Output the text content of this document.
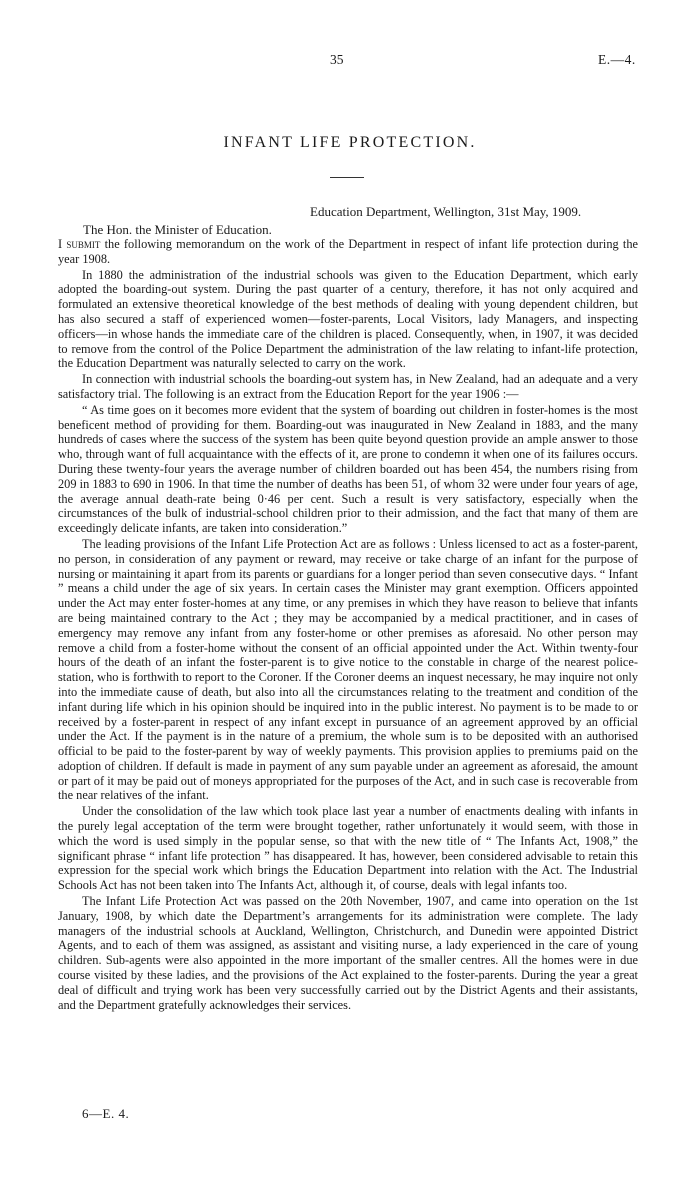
35	E.—4.
INFANT LIFE PROTECTION.
Education Department, Wellington, 31st May, 1909.
The Hon. the Minister of Education.

I submit the following memorandum on the work of the Department in respect of infant life protection during the year 1908.

In 1880 the administration of the industrial schools was given to the Education Department, which early adopted the boarding-out system. During the past quarter of a century, therefore, it has not only acquired and formulated an extensive theoretical knowledge of the best methods of dealing with young dependent children, but has also secured a staff of experienced women—foster-parents, Local Visitors, lady Managers, and inspecting officers—in whose hands the immediate care of the children is placed. Consequently, when, in 1907, it was decided to remove from the control of the Police Department the administration of the law relating to infant-life protection, the Education Department was naturally selected to carry on the work.

In connection with industrial schools the boarding-out system has, in New Zealand, had an adequate and a very satisfactory trial. The following is an extract from the Education Report for the year 1906 :—

“ As time goes on it becomes more evident that the system of boarding out children in foster-homes is the most beneficent method of providing for them. Boarding-out was inaugurated in New Zealand in 1883, and the many hundreds of cases where the success of the system has been quite beyond question provide an ample answer to those who, through want of full acquaintance with the effects of it, are prone to condemn it when one of its failures occurs. During these twenty-four years the average number of children boarded out has been 454, the numbers rising from 209 in 1883 to 690 in 1906. In that time the number of deaths has been 51, of whom 32 were under four years of age, the average annual death-rate being 0·46 per cent. Such a result is very satisfactory, especially when the circumstances of the bulk of industrial-school children prior to their admission, and the fact that many of them are exceedingly delicate infants, are taken into consideration.”

The leading provisions of the Infant Life Protection Act are as follows : Unless licensed to act as a foster-parent, no person, in consideration of any payment or reward, may receive or take charge of an infant for the purpose of nursing or maintaining it apart from its parents or guardians for a longer period than seven consecutive days. “ Infant ” means a child under the age of six years. In certain cases the Minister may grant exemption. Officers appointed under the Act may enter foster-homes at any time, or any premises in which they have reason to believe that infants are being maintained contrary to the Act ; they may be accompanied by a medical practitioner, and in cases of emergency may remove any infant from any foster-home or other premises as aforesaid. No other person may remove a child from a foster-home without the consent of an official appointed under the Act. Within twenty-four hours of the death of an infant the foster-parent is to give notice to the constable in charge of the nearest police-station, who is forthwith to report to the Coroner. If the Coroner deems an inquest necessary, he may inquire not only into the immediate cause of death, but also into all the circumstances relating to the treatment and condition of the infant during life which in his opinion should be inquired into in the public interest. No payment is to be made to or received by a foster-parent in respect of any infant except in pursuance of an agreement approved by an official under the Act. If the payment is in the nature of a premium, the whole sum is to be deposited with an authorised official to be paid to the foster-parent by way of weekly payments. This provision applies to premiums paid on the adoption of children. If default is made in payment of any sum payable under an agreement as aforesaid, the amount or part of it may be paid out of moneys appropriated for the purposes of the Act, and in such case is recoverable from the near relatives of the infant.

Under the consolidation of the law which took place last year a number of enactments dealing with infants in the purely legal acceptation of the term were brought together, rather unfortunately it would seem, with those in which the word is used simply in the popular sense, so that with the new title of “ The Infants Act, 1908,” the significant phrase “ infant life protection ” has disappeared. It has, however, been considered advisable to retain this expression for the special work which brings the Education Department into relation with the Act. The Industrial Schools Act has not been taken into The Infants Act, although it, of course, deals with legal infants too.

The Infant Life Protection Act was passed on the 20th November, 1907, and came into operation on the 1st January, 1908, by which date the Department’s arrangements for its administration were complete. The lady managers of the industrial schools at Auckland, Wellington, Christchurch, and Dunedin were appointed District Agents, and to each of them was assigned, as assistant and visiting nurse, a lady experienced in the care of young children. Sub-agents were also appointed in the more important of the smaller centres. All the homes were in due course visited by these ladies, and the provisions of the Act explained to the foster-parents. During the year a great deal of difficult and trying work has been very successfully carried out by the District Agents and their assistants, and the Department gratefully acknowledges their services.

6—E. 4.
